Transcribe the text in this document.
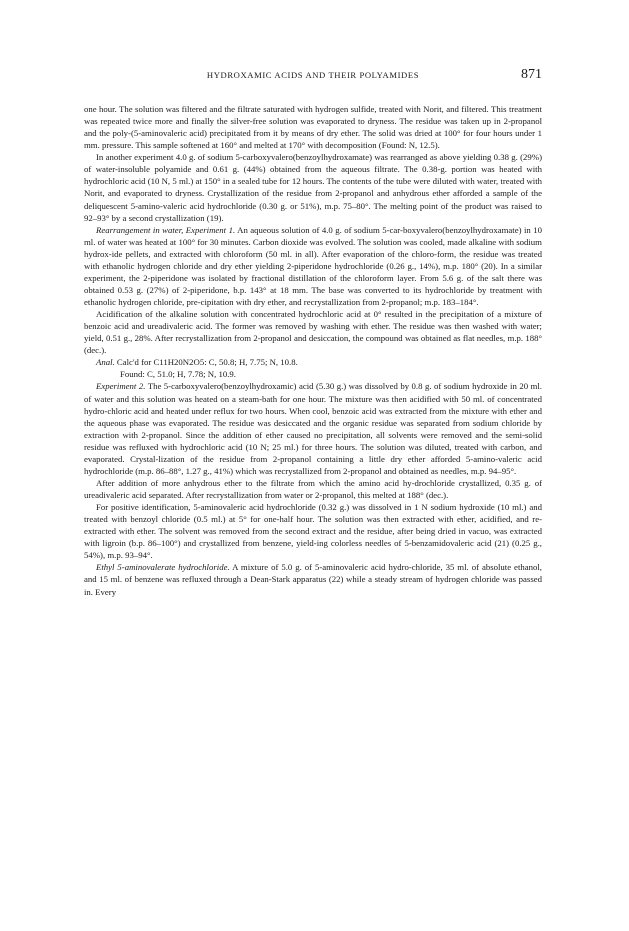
HYDROXAMIC ACIDS AND THEIR POLYAMIDES	871

one hour. The solution was filtered and the filtrate saturated with hydrogen sulfide, treated with Norit, and filtered. This treatment was repeated twice more and finally the silver-free solution was evaporated to dryness. The residue was taken up in 2-propanol and the poly-(5-aminovaleric acid) precipitated from it by means of dry ether. The solid was dried at 100° for four hours under 1 mm. pressure. This sample softened at 160° and melted at 170° with decomposition (Found: N, 12.5).

In another experiment 4.0 g. of sodium 5-carboxyvalero(benzoylhydroxamate) was rearranged as above yielding 0.38 g. (29%) of water-insoluble polyamide and 0.61 g. (44%) obtained from the aqueous filtrate. The 0.38-g. portion was heated with hydrochloric acid (10 N, 5 ml.) at 150° in a sealed tube for 12 hours. The contents of the tube were diluted with water, treated with Norit, and evaporated to dryness. Crystallization of the residue from 2-propanol and anhydrous ether afforded a sample of the deliquescent 5-amino-valeric acid hydrochloride (0.30 g. or 51%), m.p. 75–80°. The melting point of the product was raised to 92–93° by a second crystallization (19).

Rearrangement in water, Experiment 1. An aqueous solution of 4.0 g. of sodium 5-car-boxyvalero(benzoylhydroxamate) in 10 ml. of water was heated at 100° for 30 minutes. Carbon dioxide was evolved. The solution was cooled, made alkaline with sodium hydrox-ide pellets, and extracted with chloroform (50 ml. in all). After evaporation of the chloro-form, the residue was treated with ethanolic hydrogen chloride and dry ether yielding 2-piperidone hydrochloride (0.26 g., 14%), m.p. 180° (20). In a similar experiment, the 2-piperidone was isolated by fractional distillation of the chloroform layer. From 5.6 g. of the salt there was obtained 0.53 g. (27%) of 2-piperidone, b.p. 143° at 18 mm. The base was converted to its hydrochloride by treatment with ethanolic hydrogen chloride, pre-cipitation with dry ether, and recrystallization from 2-propanol; m.p. 183–184°.

Acidification of the alkaline solution with concentrated hydrochloric acid at 0° resulted in the precipitation of a mixture of benzoic acid and ureadivaleric acid. The former was removed by washing with ether. The residue was then washed with water; yield, 0.51 g., 28%. After recrystallization from 2-propanol and desiccation, the compound was obtained as flat needles, m.p. 188° (dec.).

Anal. Calc'd for C11H20N2O5: C, 50.8; H, 7.75; N, 10.8.

Found: C, 51.0; H, 7.78; N, 10.9.

Experiment 2. The 5-carboxyvalero(benzoylhydroxamic) acid (5.30 g.) was dissolved by 0.8 g. of sodium hydroxide in 20 ml. of water and this solution was heated on a steam-bath for one hour. The mixture was then acidified with 50 ml. of concentrated hydro-chloric acid and heated under reflux for two hours. When cool, benzoic acid was extracted from the mixture with ether and the aqueous phase was evaporated. The residue was desiccated and the organic residue was separated from sodium chloride by extraction with 2-propanol. Since the addition of ether caused no precipitation, all solvents were removed and the semi-solid residue was refluxed with hydrochloric acid (10 N; 25 ml.) for three hours. The solution was diluted, treated with carbon, and evaporated. Crystal-lization of the residue from 2-propanol containing a little dry ether afforded 5-amino-valeric acid hydrochloride (m.p. 86–88°, 1.27 g., 41%) which was recrystallized from 2-propanol and obtained as needles, m.p. 94–95°.

After addition of more anhydrous ether to the filtrate from which the amino acid hy-drochloride crystallized, 0.35 g. of ureadivaleric acid separated. After recrystallization from water or 2-propanol, this melted at 188° (dec.).

For positive identification, 5-aminovaleric acid hydrochloride (0.32 g.) was dissolved in 1 N sodium hydroxide (10 ml.) and treated with benzoyl chloride (0.5 ml.) at 5° for one-half hour. The solution was then extracted with ether, acidified, and re-extracted with ether. The solvent was removed from the second extract and the residue, after being dried in vacuo, was extracted with ligroin (b.p. 86–100°) and crystallized from benzene, yield-ing colorless needles of 5-benzamidovaleric acid (21) (0.25 g., 54%), m.p. 93–94°.

Ethyl 5-aminovalerate hydrochloride. A mixture of 5.0 g. of 5-aminovaleric acid hydro-chloride, 35 ml. of absolute ethanol, and 15 ml. of benzene was refluxed through a Dean-Stark apparatus (22) while a steady stream of hydrogen chloride was passed in. Every
